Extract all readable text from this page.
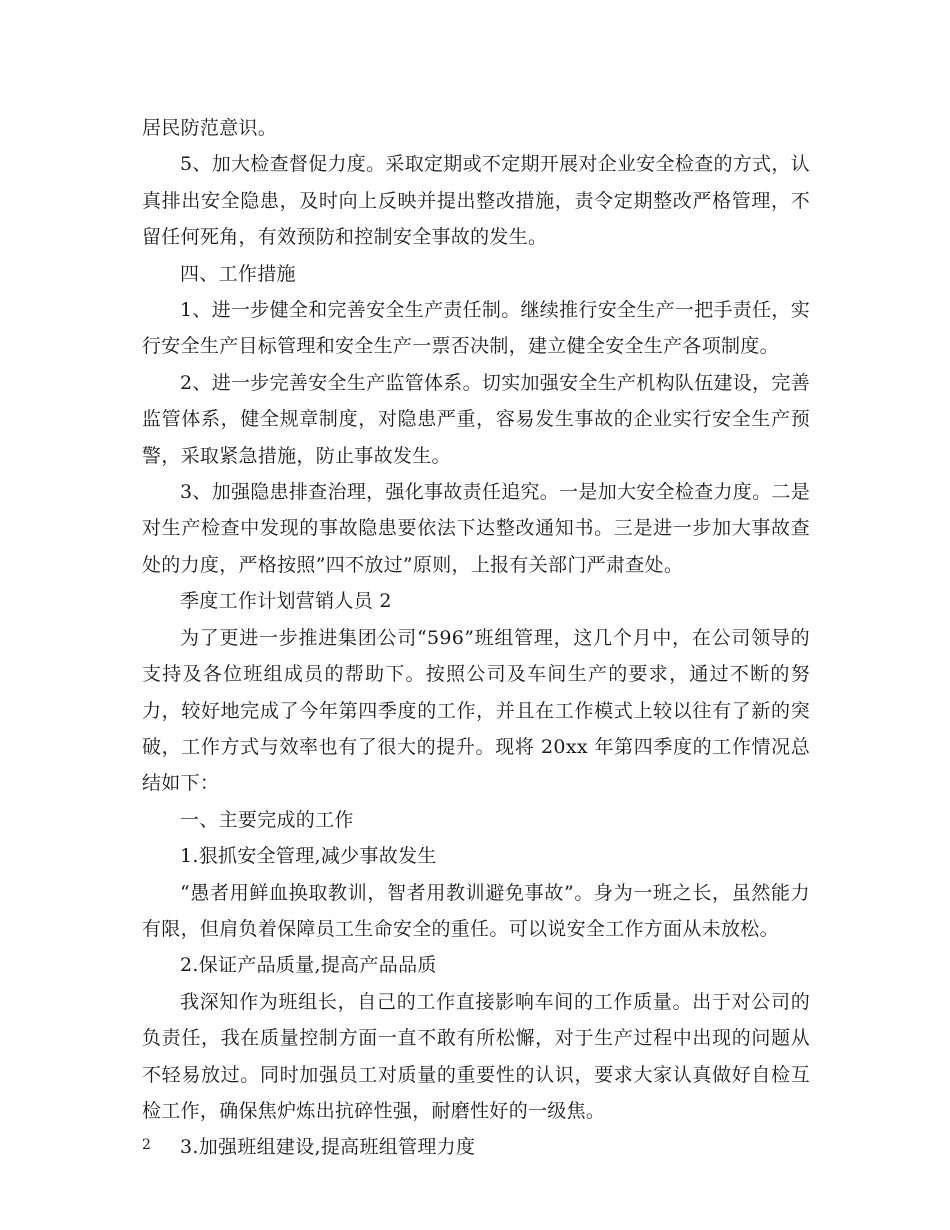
居民防范意识。

5、加大检查督促力度。采取定期或不定期开展对企业安全检查的方式，认真排出安全隐患，及时向上反映并提出整改措施，责令定期整改严格管理，不留任何死角，有效预防和控制安全事故的发生。

四、工作措施

1、进一步健全和完善安全生产责任制。继续推行安全生产一把手责任，实行安全生产目标管理和安全生产一票否决制，建立健全安全生产各项制度。

2、进一步完善安全生产监管体系。切实加强安全生产机构队伍建设，完善监管体系，健全规章制度，对隐患严重，容易发生事故的企业实行安全生产预警，采取紧急措施，防止事故发生。

3、加强隐患排查治理，强化事故责任追究。一是加大安全检查力度。二是对生产检查中发现的事故隐患要依法下达整改通知书。三是进一步加大事故查处的力度，严格按照”四不放过”原则，上报有关部门严肃查处。

季度工作计划营销人员 2

为了更进一步推进集团公司“596”班组管理，这几个月中，在公司领导的支持及各位班组成员的帮助下。按照公司及车间生产的要求，通过不断的努力，较好地完成了今年第四季度的工作，并且在工作模式上较以往有了新的突破，工作方式与效率也有了很大的提升。现将 20xx 年第四季度的工作情况总结如下：

一、主要完成的工作

1.狠抓安全管理,减少事故发生

“愚者用鲜血换取教训，智者用教训避免事故”。身为一班之长，虽然能力有限，但肩负着保障员工生命安全的重任。可以说安全工作方面从未放松。

2.保证产品质量,提高产品品质

我深知作为班组长，自己的工作直接影响车间的工作质量。出于对公司的负责任，我在质量控制方面一直不敢有所松懈，对于生产过程中出现的问题从不轻易放过。同时加强员工对质量的重要性的认识，要求大家认真做好自检互检工作，确保焦炉炼出抗碎性强，耐磨性好的一级焦。

3.加强班组建设,提高班组管理力度

2
